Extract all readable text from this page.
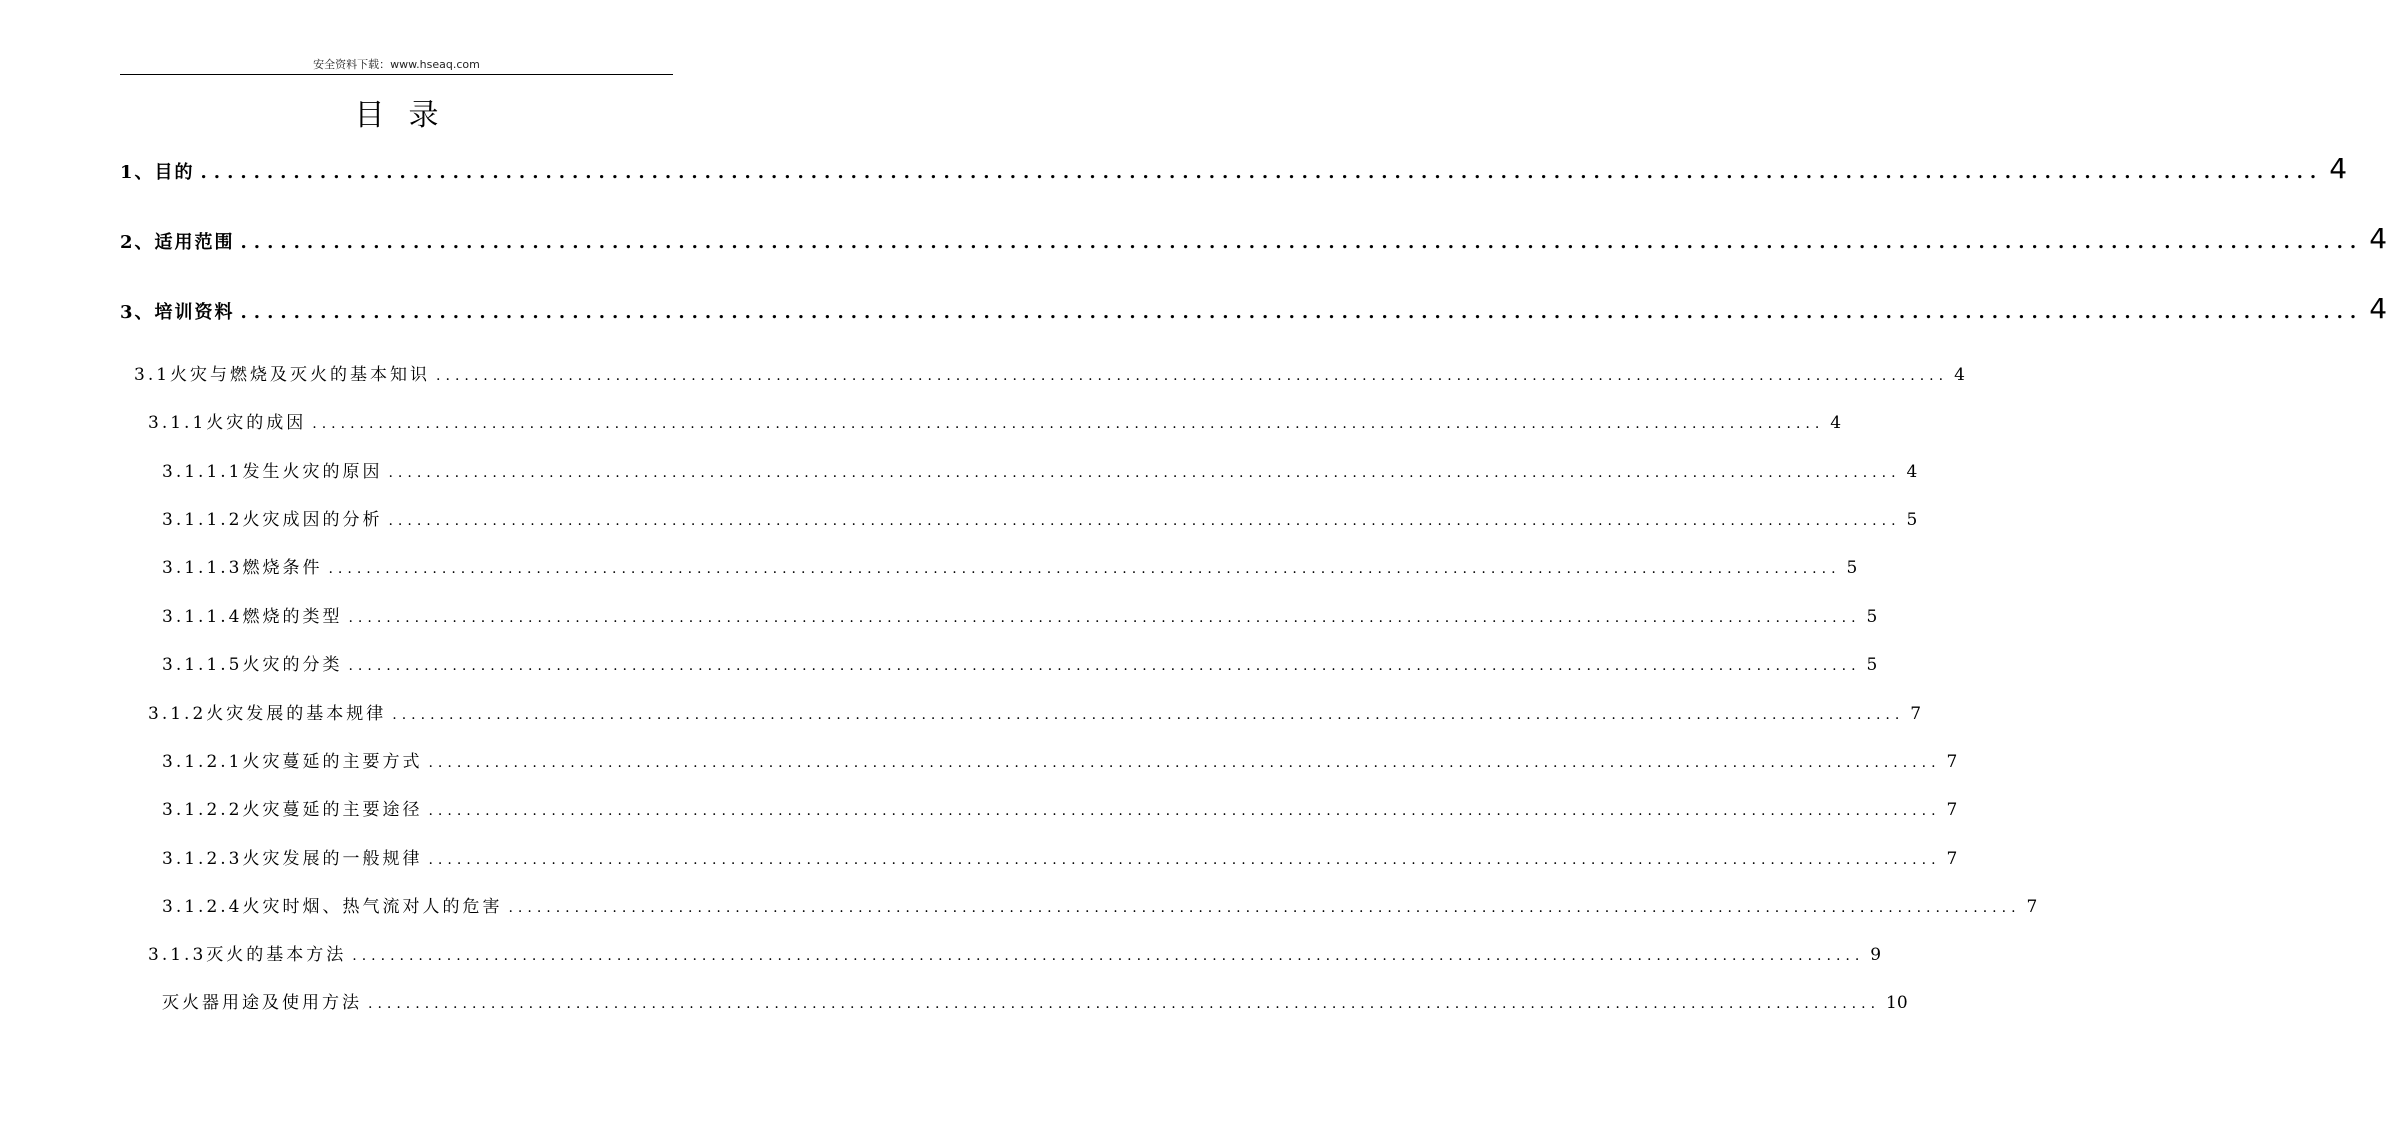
安全资料下载：www.hseaq.com
目录
1、目的 ................................................................................................................................................................ 4
2、适用范围 ................................................................................................................................................................ 4
3、培训资料 ................................................................................................................................................................ 4
3.1火灾与燃烧及灭火的基本知识 ................................................................................................................................................................ 4
3.1.1火灾的成因 ................................................................................................................................................................ 4
3.1.1.1发生火灾的原因 ................................................................................................................................................................ 4
3.1.1.2火灾成因的分析 ................................................................................................................................................................ 5
3.1.1.3燃烧条件 ................................................................................................................................................................ 5
3.1.1.4燃烧的类型 ................................................................................................................................................................ 5
3.1.1.5火灾的分类 ................................................................................................................................................................ 5
3.1.2火灾发展的基本规律 ................................................................................................................................................................ 7
3.1.2.1火灾蔓延的主要方式 ................................................................................................................................................................ 7
3.1.2.2火灾蔓延的主要途径 ................................................................................................................................................................ 7
3.1.2.3火灾发展的一般规律 ................................................................................................................................................................ 7
3.1.2.4火灾时烟、热气流对人的危害 ................................................................................................................................................................ 7
3.1.3灭火的基本方法 ................................................................................................................................................................ 9
灭火器用途及使用方法 ................................................................................................................................................................ 10
